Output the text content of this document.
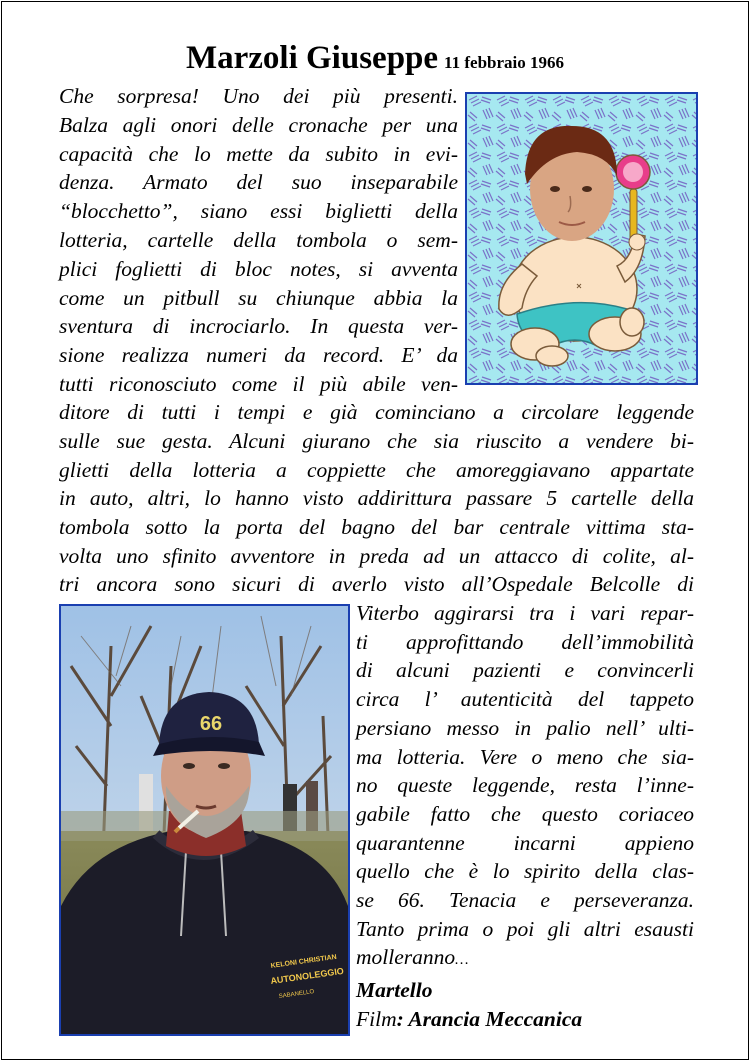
Marzoli Giuseppe 11 febbraio 1966

Che sorpresa! Uno dei più presenti.

Balza agli onori delle cronache per una

capacità che lo mette da subito in evi-

denza. Armato del suo inseparabile

“blocchetto”, siano essi biglietti della

lotteria, cartelle della tombola o sem-

plici foglietti di bloc notes, si avventa

come un pitbull su chiunque abbia la

sventura di incrociarlo. In questa ver-

sione realizza numeri da record. E’ da

tutti riconosciuto come il più abile ven-

ditore di tutti i tempi e già cominciano a circolare leggende

sulle sue gesta. Alcuni giurano che sia riuscito a vendere bi-

glietti della lotteria a coppiette che amoreggiavano appartate

in auto, altri, lo hanno visto addirittura passare 5 cartelle della

tombola sotto la porta del bagno del bar centrale vittima sta-

volta uno sfinito avventore in preda ad un attacco di colite, al-

tri ancora sono sicuri di averlo visto all’Ospedale Belcolle di

Viterbo aggirarsi tra i vari repar-

ti approfittando dell’immobilità

di alcuni pazienti e convincerli

circa l’ autenticità del tappeto

persiano messo in palio nell’ ulti-

ma lotteria. Vere o meno che sia-

no queste leggende, resta l’inne-

gabile fatto che questo coriaceo

quarantenne incarni appieno

quello che è lo spirito della clas-

se 66. Tenacia e perseveranza.

Tanto prima o poi gli altri esausti

molleranno…

Martello
Film: Arancia Meccanica
66
KELONI CHRISTIAN
AUTONOLEGGIO
SABANELLO
